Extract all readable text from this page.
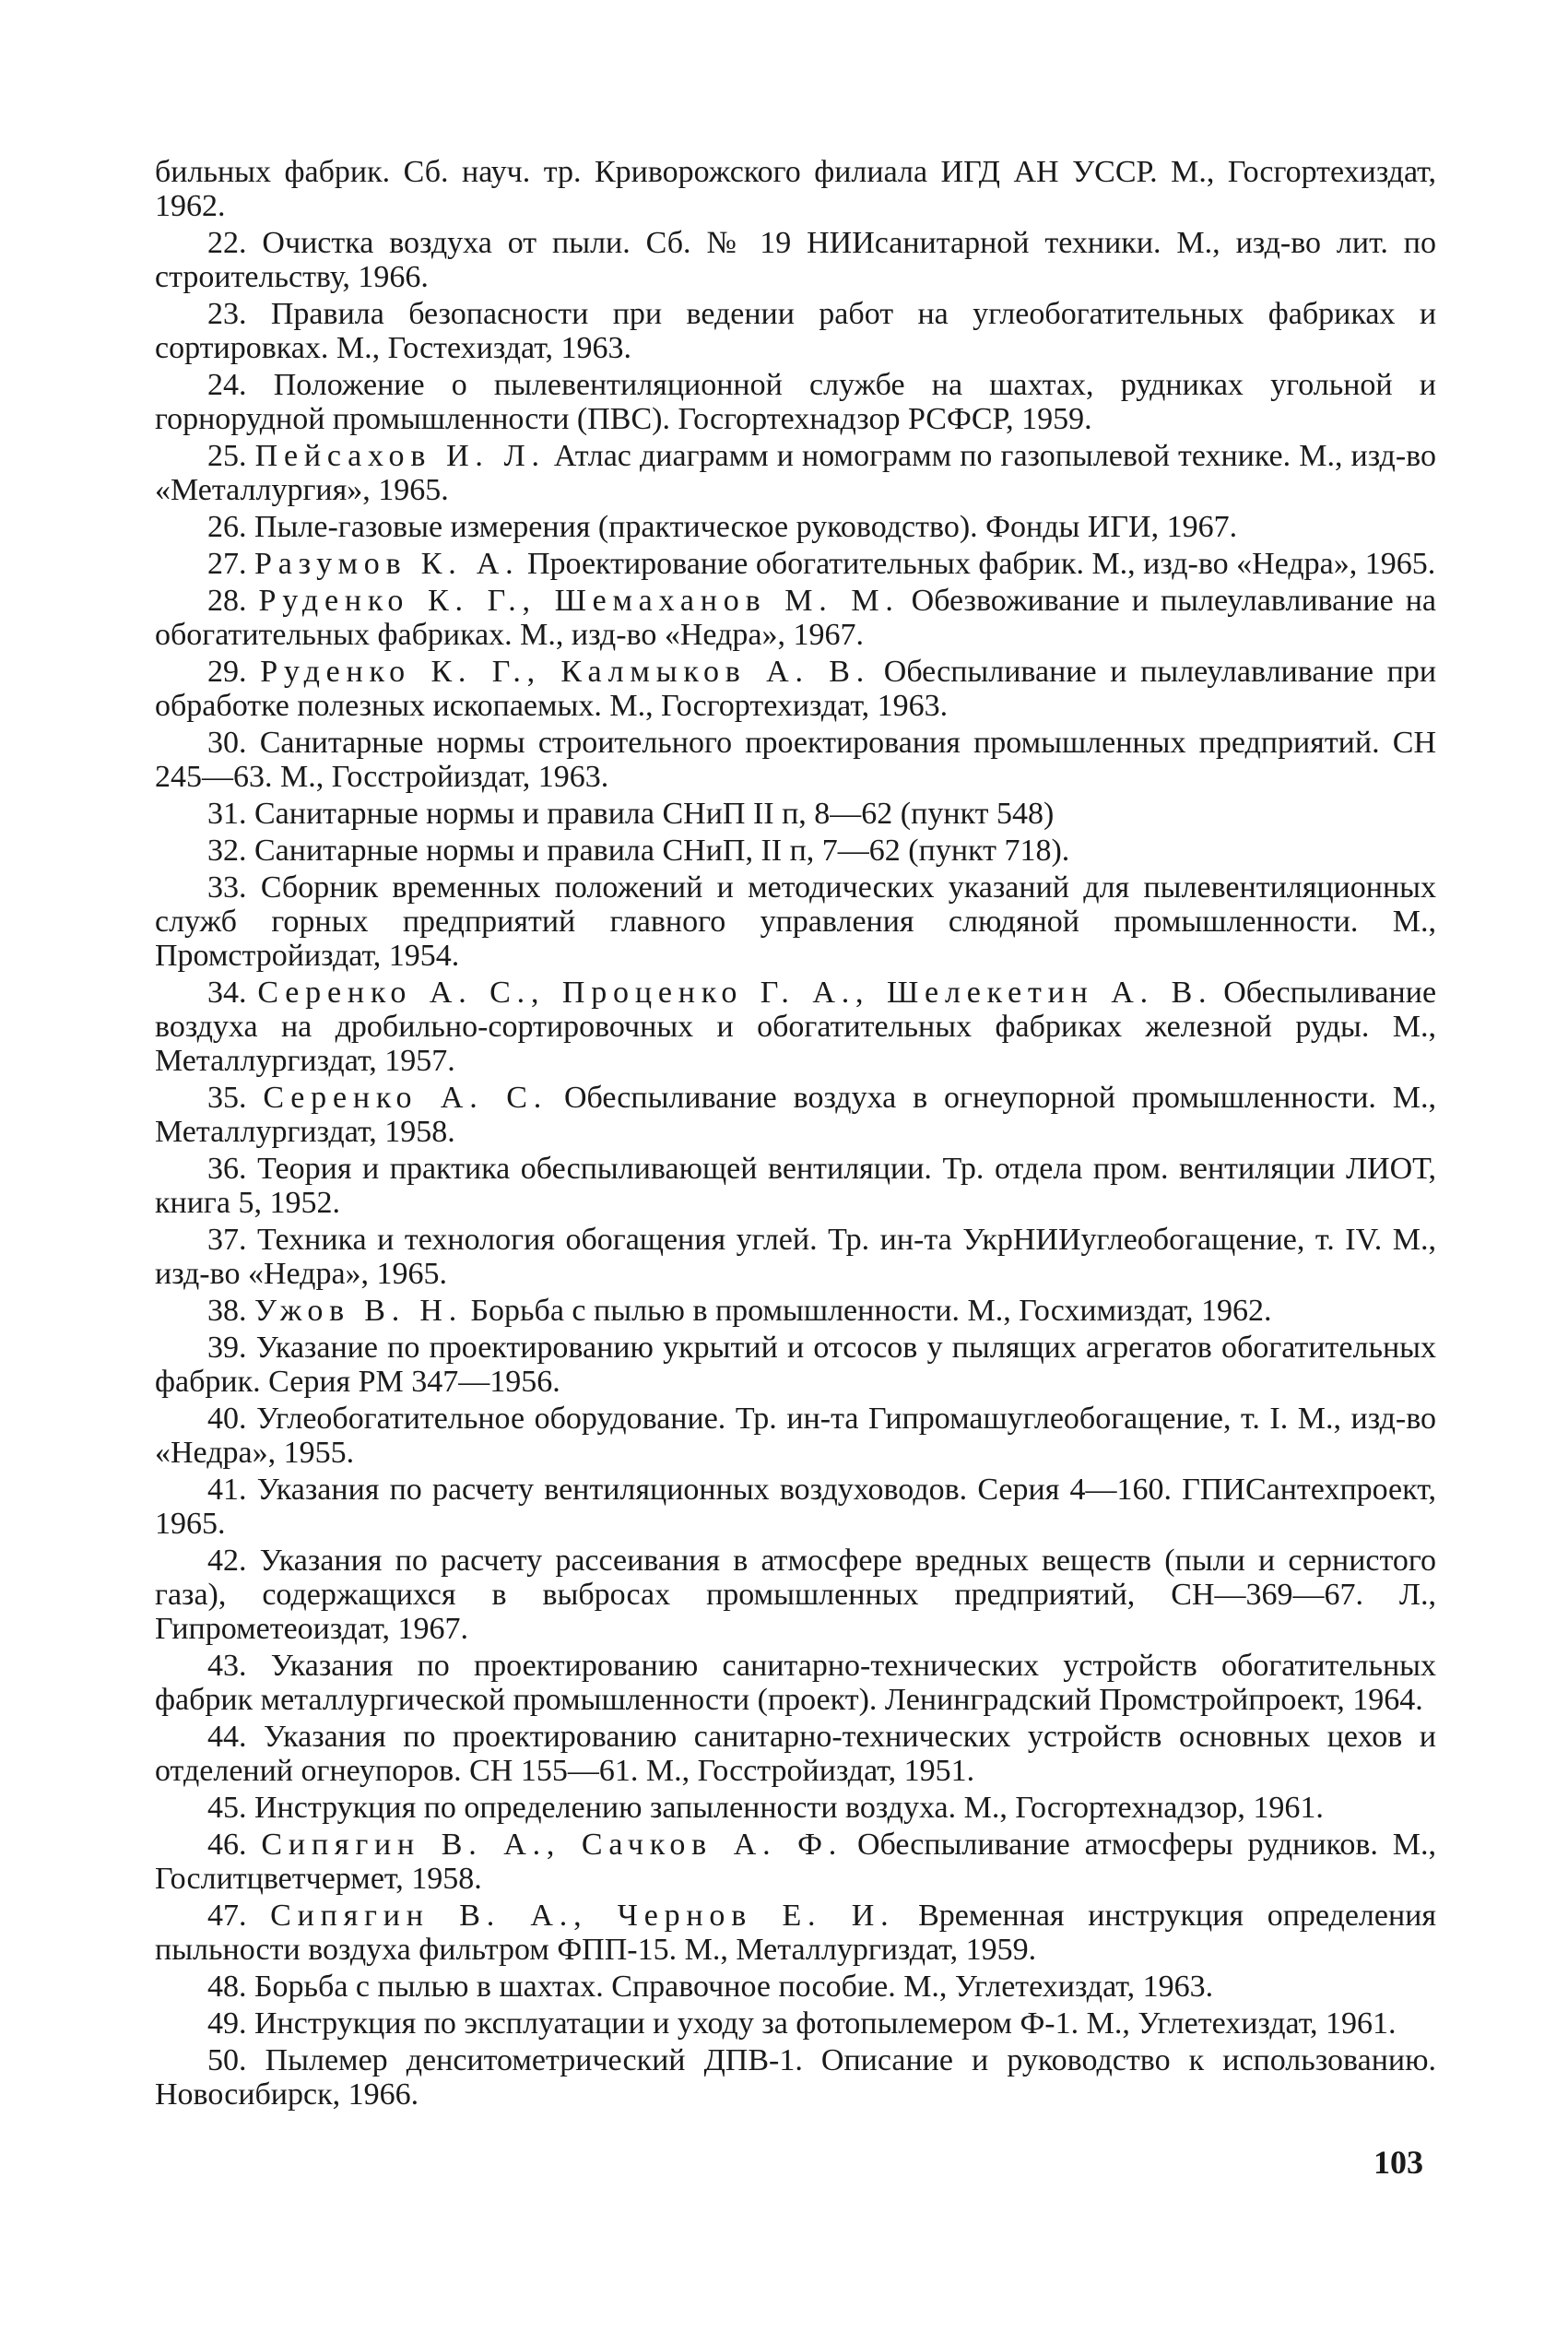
бильных фабрик. Сб. науч. тр. Криворожского филиала ИГД АН УССР. М., Госгортехиздат, 1962.

22. Очистка воздуха от пыли. Сб. № 19 НИИсанитарной техники. М., изд-во лит. по строительству, 1966.

23. Правила безопасности при ведении работ на углеобогатительных фабриках и сортировках. М., Гостехиздат, 1963.

24. Положение о пылевентиляционной службе на шахтах, рудниках угольной и горнорудной промышленности (ПВС). Госгортехнадзор РСФСР, 1959.

25. Пейсахов И. Л. Атлас диаграмм и номограмм по газопылевой технике. М., изд-во «Металлургия», 1965.

26. Пыле-газовые измерения (практическое руководство). Фонды ИГИ, 1967.

27. Разумов К. А. Проектирование обогатительных фабрик. М., изд-во «Недра», 1965.

28. Руденко К. Г., Шемаханов М. М. Обезвоживание и пылеулавливание на обогатительных фабриках. М., изд-во «Недра», 1967.

29. Руденко К. Г., Калмыков А. В. Обеспыливание и пылеулавливание при обработке полезных ископаемых. М., Госгортехиздат, 1963.

30. Санитарные нормы строительного проектирования промышленных предприятий. СН 245—63. М., Госстройиздат, 1963.

31. Санитарные нормы и правила СНиП II п, 8—62 (пункт 548)

32. Санитарные нормы и правила СНиП, II п, 7—62 (пункт 718).

33. Сборник временных положений и методических указаний для пылевентиляционных служб горных предприятий главного управления слюдяной промышленности. М., Промстройиздат, 1954.

34. Серенко А. С., Проценко Г. А., Шелекетин А. В. Обеспыливание воздуха на дробильно-сортировочных и обогатительных фабриках железной руды. М., Металлургиздат, 1957.

35. Серенко А. С. Обеспыливание воздуха в огнеупорной промышленности. М., Металлургиздат, 1958.

36. Теория и практика обеспыливающей вентиляции. Тр. отдела пром. вентиляции ЛИОТ, книга 5, 1952.

37. Техника и технология обогащения углей. Тр. ин-та УкрНИИуглеобогащение, т. IV. М., изд-во «Недра», 1965.

38. Ужов В. Н. Борьба с пылью в промышленности. М., Госхимиздат, 1962.

39. Указание по проектированию укрытий и отсосов у пылящих агрегатов обогатительных фабрик. Серия РМ 347—1956.

40. Углеобогатительное оборудование. Тр. ин-та Гипромашуглеобогащение, т. I. М., изд-во «Недра», 1955.

41. Указания по расчету вентиляционных воздуховодов. Серия 4—160. ГПИСантехпроект, 1965.

42. Указания по расчету рассеивания в атмосфере вредных веществ (пыли и сернистого газа), содержащихся в выбросах промышленных предприятий, СН—369—67. Л., Гипрометеоиздат, 1967.

43. Указания по проектированию санитарно-технических устройств обогатительных фабрик металлургической промышленности (проект). Ленинградский Промстройпроект, 1964.

44. Указания по проектированию санитарно-технических устройств основных цехов и отделений огнеупоров. СН 155—61. М., Госстройиздат, 1951.

45. Инструкция по определению запыленности воздуха. М., Госгортехнадзор, 1961.

46. Сипягин В. А., Сачков А. Ф. Обеспыливание атмосферы рудников. М., Гослитцветчермет, 1958.

47. Сипягин В. А., Чернов Е. И. Временная инструкция определения пыльности воздуха фильтром ФПП-15. М., Металлургиздат, 1959.

48. Борьба с пылью в шахтах. Справочное пособие. М., Углетехиздат, 1963.

49. Инструкция по эксплуатации и уходу за фотопылемером Ф-1. М., Углетехиздат, 1961.

50. Пылемер денситометрический ДПВ-1. Описание и руководство к использованию. Новосибирск, 1966.

103
